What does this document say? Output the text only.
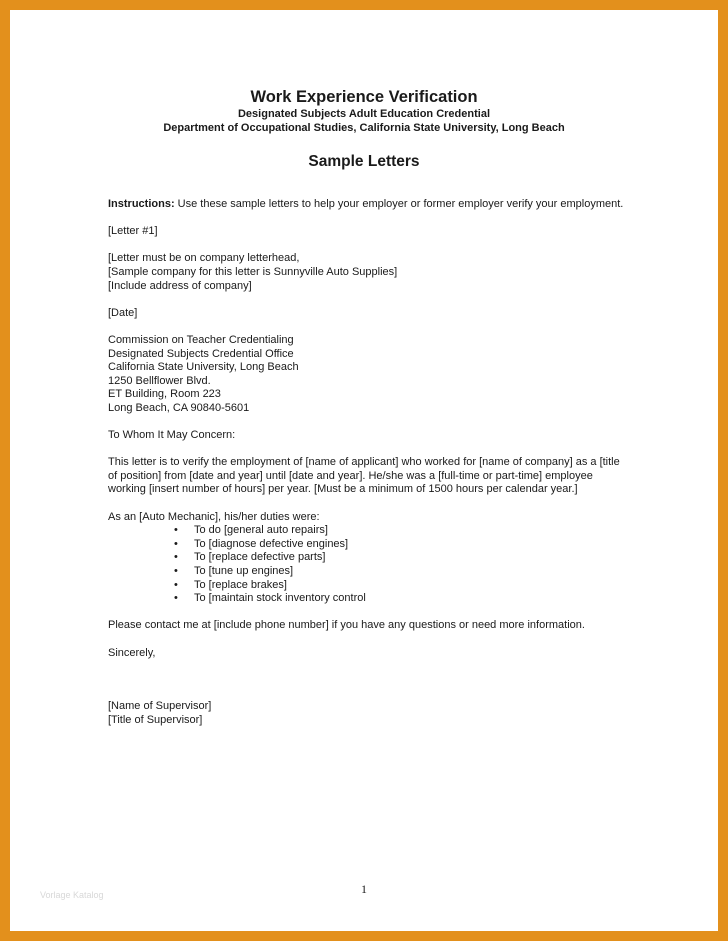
Work Experience Verification

Designated Subjects Adult Education Credential

Department of Occupational Studies, California State University, Long Beach

Sample Letters

Instructions: Use these sample letters to help your employer or former employer verify your employment.

[Letter #1]

[Letter must be on company letterhead,
[Sample company for this letter is Sunnyville Auto Supplies]
[Include address of company]

[Date]

Commission on Teacher Credentialing
Designated Subjects Credential Office
California State University, Long Beach
1250 Bellflower Blvd.
ET Building, Room 223
Long Beach, CA 90840-5601

To Whom It May Concern:

This letter is to verify the employment of [name of applicant] who worked for [name of company] as a [title of position] from [date and year] until [date and year]. He/she was a [full-time or part-time] employee working [insert number of hours] per year. [Must be a minimum of 1500 hours per calendar year.]

As an [Auto Mechanic], his/her duties were:

• To do [general auto repairs]
• To [diagnose defective engines]
• To [replace defective parts]
• To [tune up engines]
• To [replace brakes]
• To [maintain stock inventory control

Please contact me at [include phone number] if you have any questions or need more information.

Sincerely,

[Name of Supervisor]
[Title of Supervisor]
1
Vorlage Katalog
